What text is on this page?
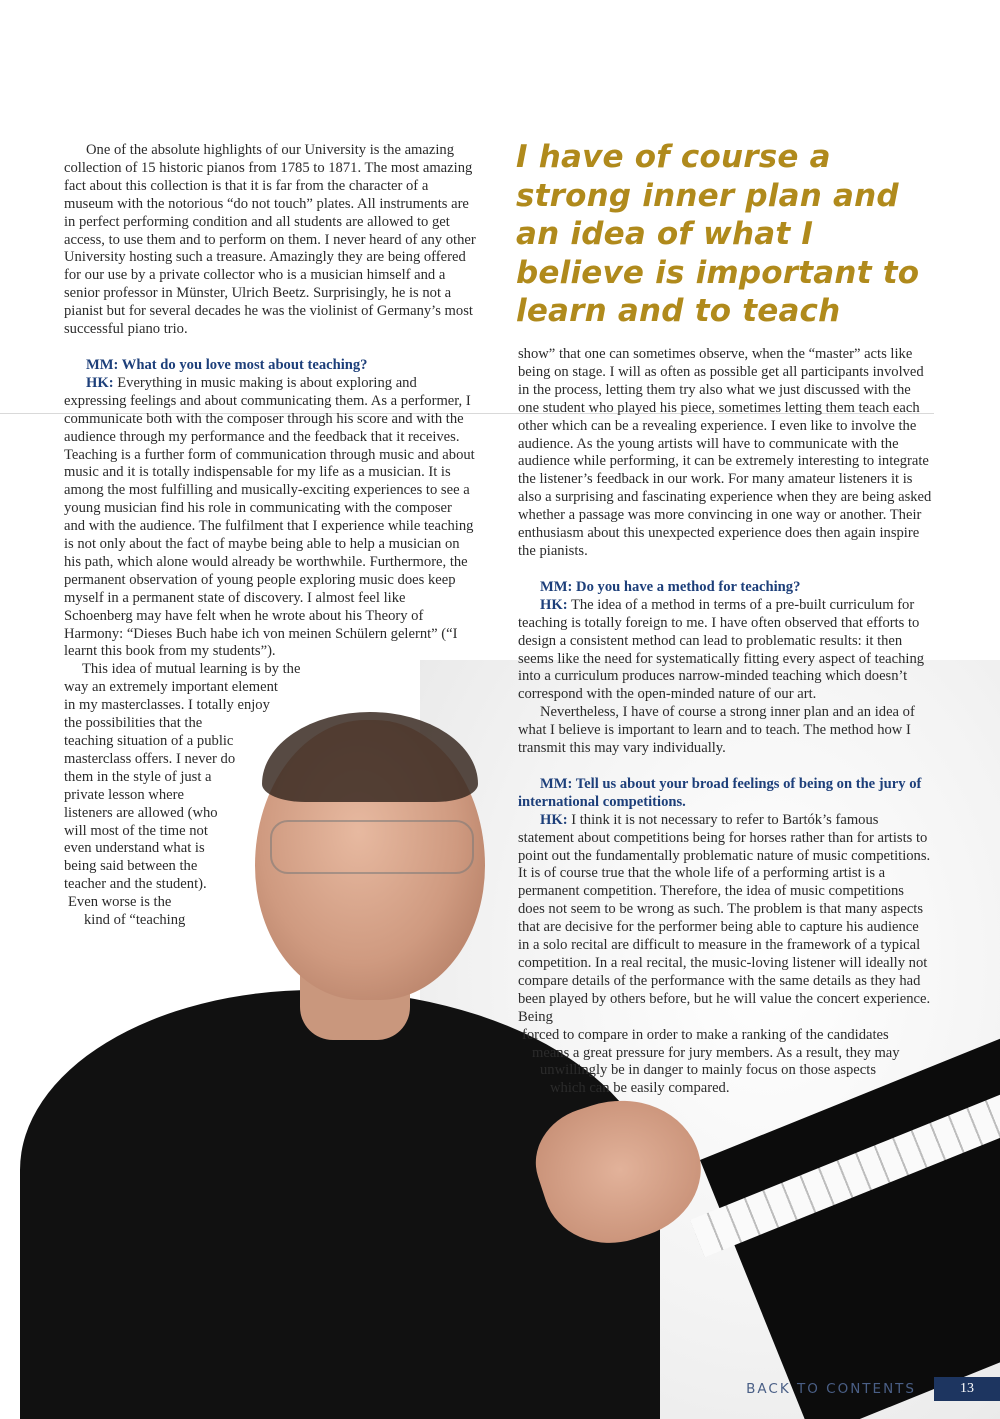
One of the absolute highlights of our University is the amazing collection of 15 historic pianos from 1785 to 1871. The most amazing fact about this collection is that it is far from the character of a museum with the notorious “do not touch” plates. All instruments are in perfect performing condition and all students are allowed to get access, to use them and to perform on them. I never heard of any other University hosting such a treasure. Amazingly they are being offered for our use by a private collector who is a musician himself and a senior professor in Münster, Ulrich Beetz. Surprisingly, he is not a pianist but for several decades he was the violinist of Germany’s most successful piano trio.

MM: What do you love most about teaching?

HK: Everything in music making is about exploring and expressing feelings and about communicating them. As a performer, I communicate both with the composer through his score and with the audience through my performance and the feedback that it receives. Teaching is a further form of communication through music and about music and it is totally indispensable for my life as a musician. It is among the most fulfilling and musically-exciting experiences to see a young musician find his role in communicating with the composer and with the audience. The fulfilment that I experience while teaching is not only about the fact of maybe being able to help a musician on his path, which alone would already be worthwhile. Furthermore, the permanent observation of young people exploring music does keep myself in a permanent state of discovery. I almost feel like Schoenberg may have felt when he wrote about his Theory of Harmony: “Dieses Buch habe ich von meinen Schülern gelernt” (“I learnt this book from my students”).

This idea of mutual learning is by the
way an extremely important element
in my masterclasses. I totally enjoy
the possibilities that the
teaching situation of a public
masterclass offers. I never do
them in the style of just a
private lesson where
listeners are allowed (who
will most of the time not
even understand what is
being said between the
teacher and the student).
Even worse is the
kind of “teaching

I have of course a strong inner plan and an idea of what I believe is important to learn and to teach

show” that one can sometimes observe, when the “master” acts like being on stage. I will as often as possible get all participants involved in the process, letting them try also what we just discussed with the one student who played his piece, sometimes letting them teach each other which can be a revealing experience. I even like to involve the audience. As the young artists will have to communicate with the audience while performing, it can be extremely interesting to integrate the listener’s feedback in our work. For many amateur listeners it is also a surprising and fascinating experience when they are being asked whether a passage was more convincing in one way or another. Their enthusiasm about this unexpected experience does then again inspire the pianists.

MM: Do you have a method for teaching?

HK: The idea of a method in terms of a pre-built curriculum for teaching is totally foreign to me. I have often observed that efforts to design a consistent method can lead to problematic results: it then seems like the need for systematically fitting every aspect of teaching into a curriculum produces narrow-minded teaching which doesn’t correspond with the open-minded nature of our art.

Nevertheless, I have of course a strong inner plan and an idea of what I believe is important to learn and to teach. The method how I transmit this may vary individually.

MM: Tell us about your broad feelings of being on the jury of international competitions.

HK: I think it is not necessary to refer to Bartók’s famous statement about competitions being for horses rather than for artists to point out the fundamentally problematic nature of music competitions. It is of course true that the whole life of a performing artist is a permanent competition. Therefore, the idea of music competitions does not seem to be wrong as such. The problem is that many aspects that are decisive for the performer being able to capture his audience in a solo recital are difficult to measure in the framework of a typical competition. In a real recital, the music-loving listener will ideally not compare details of the performance with the same details as they had been played by others before, but he will value the concert experience. Being

forced to compare in order to make a ranking of the candidates
means a great pressure for jury members. As a result, they may
unwillingly be in danger to mainly focus on those aspects
which can be easily compared.
BACK TO CONTENTS	13
